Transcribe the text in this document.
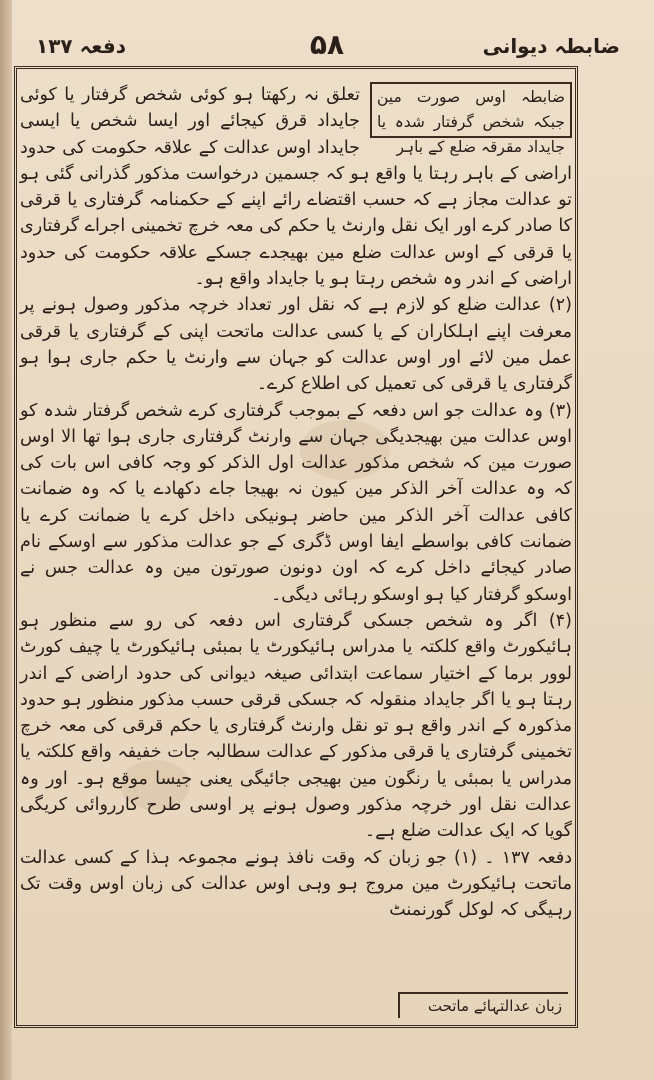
ضابطہ دیوانی
۵۸
دفعہ ۱۳۷
ضابطہ اوس صورت مین جبکہ شخص گرفتار شدہ یا جایداد مقرقہ ضلع کے باہر

تعلق نہ رکھتا ہو کوئی شخص گرفتار یا کوئی جایداد قرق کیجائے اور ایسا شخص یا ایسی جایداد اوس عدالت کے علاقہ حکومت کی حدود اراضی کے باہر رہتا یا واقع ہو کہ جسمین درخواست مذکور گذرانی گئی ہو تو عدالت مجاز ہے کہ حسب اقتضاے رائے اپنے کے حکمنامہ گرفتاری یا قرقی کا صادر کرے اور ایک نقل وارنٹ یا حکم کی معہ خرچ تخمینی اجراے گرفتاری یا قرقی کے اوس عدالت ضلع مین بھیجدے جسکے علاقہ حکومت کی حدود اراضی کے اندر وہ شخص رہتا ہو یا جایداد واقع ہو۔

(۲) عدالت ضلع کو لازم ہے کہ نقل اور تعداد خرچہ مذکور وصول ہونے پر معرفت اپنے اہلکاران کے یا کسی عدالت ماتحت اپنی کے گرفتاری یا قرقی عمل مین لائے اور اوس عدالت کو جہان سے وارنٹ یا حکم جاری ہوا ہو گرفتاری یا قرقی کی تعمیل کی اطلاع کرے۔

(۳) وہ عدالت جو اس دفعہ کے بموجب گرفتاری کرے شخص گرفتار شدہ کو اوس عدالت مین بھیجدیگی جہان سے وارنٹ گرفتاری جاری ہوا تھا الا اوس صورت مین کہ شخص مذکور عدالت اول الذکر کو وجہ کافی اس بات کی کہ وہ عدالت آخر الذکر مین کیون نہ بھیجا جاے دکھادے یا کہ وہ ضمانت کافی عدالت آخر الذکر مین حاضر ہونیکی داخل کرے یا ضمانت کرے یا ضمانت کافی بواسطے ایفا اوس ڈگری کے جو عدالت مذکور سے اوسکے نام صادر کیجائے داخل کرے کہ اون دونون صورتون مین وہ عدالت جس نے اوسکو گرفتار کیا ہو اوسکو رہائی دیگی۔

(۴) اگر وہ شخص جسکی گرفتاری اس دفعہ کی رو سے منظور ہو ہائیکورٹ واقع کلکتہ یا مدراس ہائیکورٹ یا بمبئی ہائیکورٹ یا چیف کورٹ لوور برما کے اختیار سماعت ابتدائی صیغہ دیوانی کی حدود اراضی کے اندر رہتا ہو یا اگر جایداد منقولہ کہ جسکی قرقی حسب مذکور منظور ہو حدود مذکورہ کے اندر واقع ہو تو نقل وارنٹ گرفتاری یا حکم قرقی کی معہ خرچ تخمینی گرفتاری یا قرقی مذکور کے عدالت سطالبہ جات خفیفہ واقع کلکتہ یا مدراس یا بمبئی یا رنگون مین بھیجی جائیگی یعنی جیسا موقع ہو۔ اور وہ عدالت نقل اور خرچہ مذکور وصول ہونے پر اوسی طرح کارروائی کریگی گویا کہ ایک عدالت ضلع ہے۔

دفعہ ۱۳۷ ۔ (۱) جو زبان کہ وقت نافذ ہونے مجموعہ ہذا کے کسی عدالت ماتحت ہائیکورٹ مین مروج ہو وہی اوس عدالت کی زبان اوس وقت تک رہیگی کہ لوکل گورنمنٹ

زبان عدالتہائے ماتحت
